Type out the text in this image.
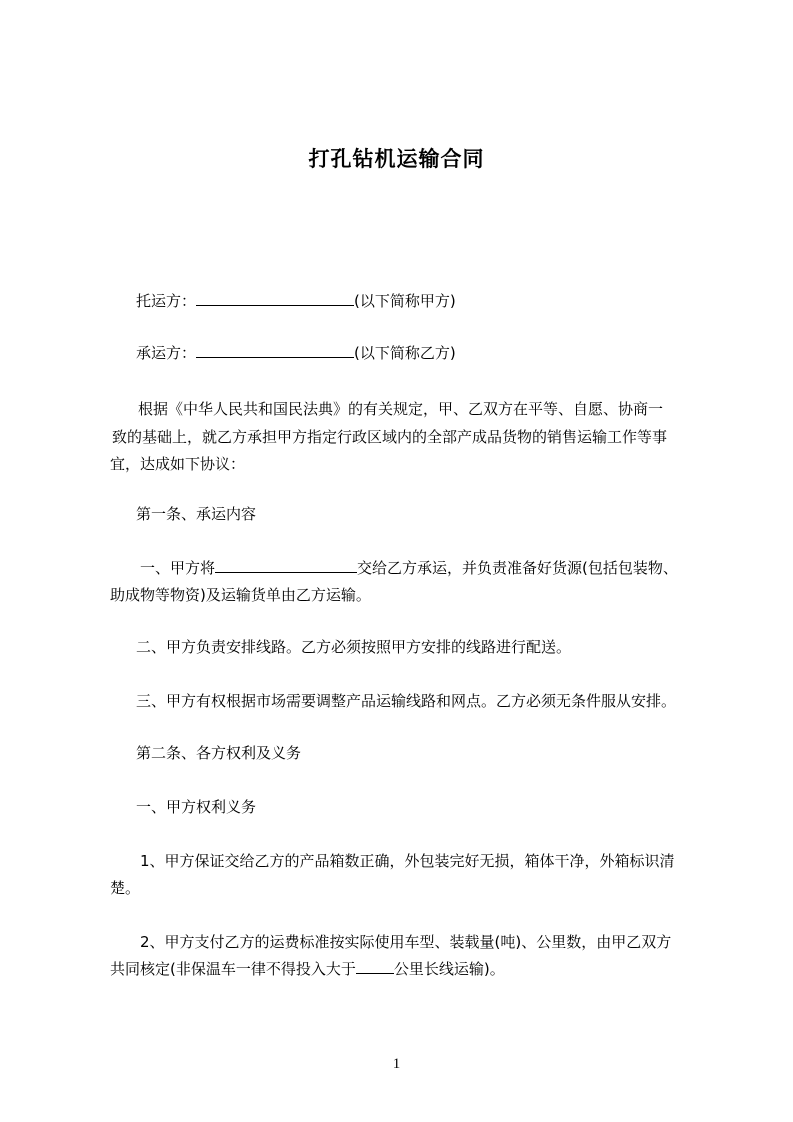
打孔钻机运输合同
托运方：	(以下简称甲方)
承运方：	(以下简称乙方)
根据《中华人民共和国民法典》的有关规定，甲、乙双方在平等、自愿、协商一
致的基础上，就乙方承担甲方指定行政区域内的全部产成品货物的销售运输工作等事
宜，达成如下协议：
第一条、承运内容
一、甲方将	交给乙方承运，并负责准备好货源(包括包装物、
助成物等物资)及运输货单由乙方运输。
二、甲方负责安排线路。乙方必须按照甲方安排的线路进行配送。
三、甲方有权根据市场需要调整产品运输线路和网点。乙方必须无条件服从安排。
第二条、各方权利及义务
一、甲方权利义务
1、甲方保证交给乙方的产品箱数正确，外包装完好无损，箱体干净，外箱标识清
楚。
2、甲方支付乙方的运费标准按实际使用车型、装载量(吨)、公里数，由甲乙双方
共同核定(非保温车一律不得投入大于	公里长线运输)。
1
